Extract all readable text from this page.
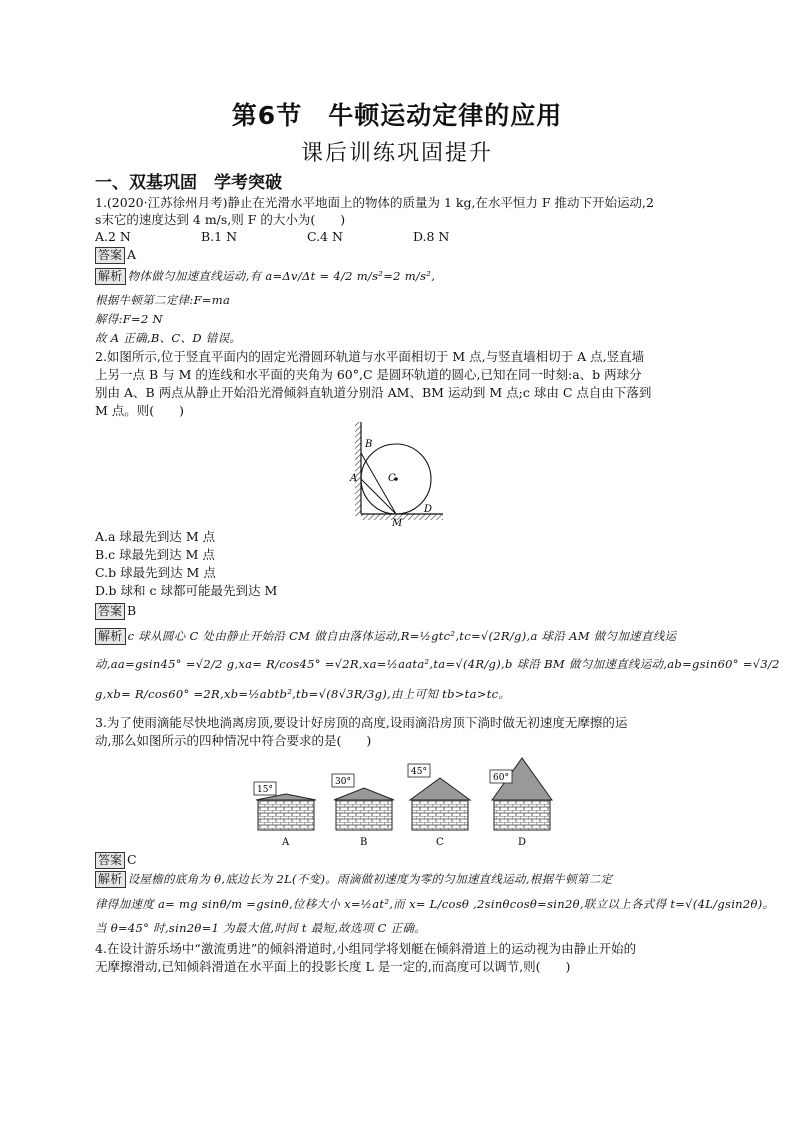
第6节　牛顿运动定律的应用
课后训练巩固提升
一、双基巩固　学考突破
1.(2020·江苏徐州月考)静止在光滑水平地面上的物体的质量为 1 kg,在水平恒力 F 推动下开始运动,2
s末它的速度达到 4 m/s,则 F 的大小为(　　)
A.2 N	B.1 N	C.4 N	D.8 N
答案 A
解析 物体做匀加速直线运动,有 a=Δv/Δt = 4/2 m/s²=2 m/s²,
根据牛顿第二定律:F=ma
解得:F=2 N
故 A 正确,B、C、D 错误。
2.如图所示,位于竖直平面内的固定光滑圆环轨道与水平面相切于 M 点,与竖直墙相切于 A 点,竖直墙
上另一点 B 与 M 的连线和水平面的夹角为 60°,C 是圆环轨道的圆心,已知在同一时刻:a、b 两球分
别由 A、B 两点从静止开始沿光滑倾斜直轨道分别沿 AM、BM 运动到 M 点;c 球由 C 点自由下落到
M 点。则(　　)
B
A	C
M
D
A.a 球最先到达 M 点
B.c 球最先到达 M 点
C.b 球最先到达 M 点
D.b 球和 c 球都可能最先到达 M
答案 B
解析 c 球从圆心 C 处由静止开始沿 CM 做自由落体运动,R=½gtc²,tc=√(2R/g),a 球沿 AM 做匀加速直线运
动,aa=gsin45° =√2/2 g,xa= R/cos45° =√2R,xa=½aata²,ta=√(4R/g),b 球沿 BM 做匀加速直线运动,ab=gsin60° =√3/2
g,xb= R/cos60° =2R,xb=½abtb²,tb=√(8√3R/3g),由上可知 tb>ta>tc。
3.为了使雨滴能尽快地淌离房顶,要设计好房顶的高度,设雨滴沿房顶下淌时做无初速度无摩擦的运
动,那么如图所示的四种情况中符合要求的是(　　)
15°
A
30°
B
45°
C
60°
D
答案 C
解析 设屋檐的底角为 θ,底边长为 2L(不变)。雨滴做初速度为零的匀加速直线运动,根据牛顿第二定
律得加速度 a= mg sinθ/m =gsinθ,位移大小 x=½at²,而 x= L/cosθ ,2sinθcosθ=sin2θ,联立以上各式得 t=√(4L/gsin2θ)。
当 θ=45° 时,sin2θ=1 为最大值,时间 t 最短,故选项 C 正确。
4.在设计游乐场中“激流勇进”的倾斜滑道时,小组同学将划艇在倾斜滑道上的运动视为由静止开始的
无摩擦滑动,已知倾斜滑道在水平面上的投影长度 L 是一定的,而高度可以调节,则(　　)
